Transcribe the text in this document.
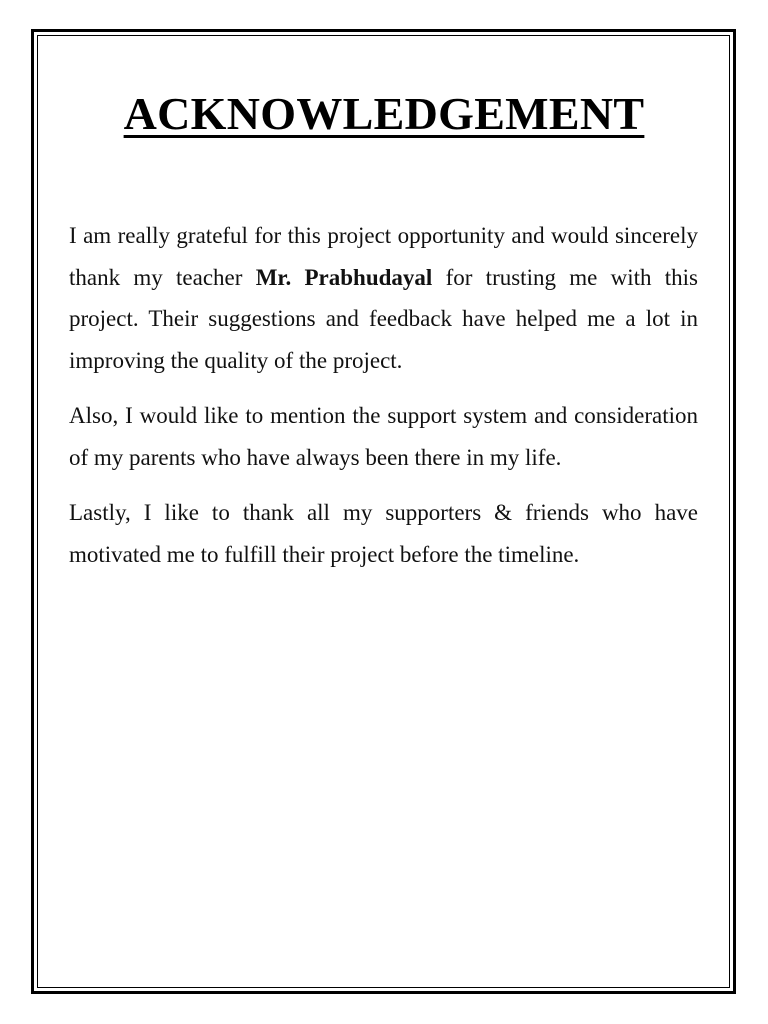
ACKNOWLEDGEMENT

I am really grateful for this project opportunity and would sincerely thank my teacher Mr. Prabhudayal for trusting me with this project. Their suggestions and feedback have helped me a lot in improving the quality of the project.

Also, I would like to mention the support system and consideration of my parents who have always been there in my life.

Lastly, I like to thank all my supporters & friends who have motivated me to fulfill their project before the timeline.
